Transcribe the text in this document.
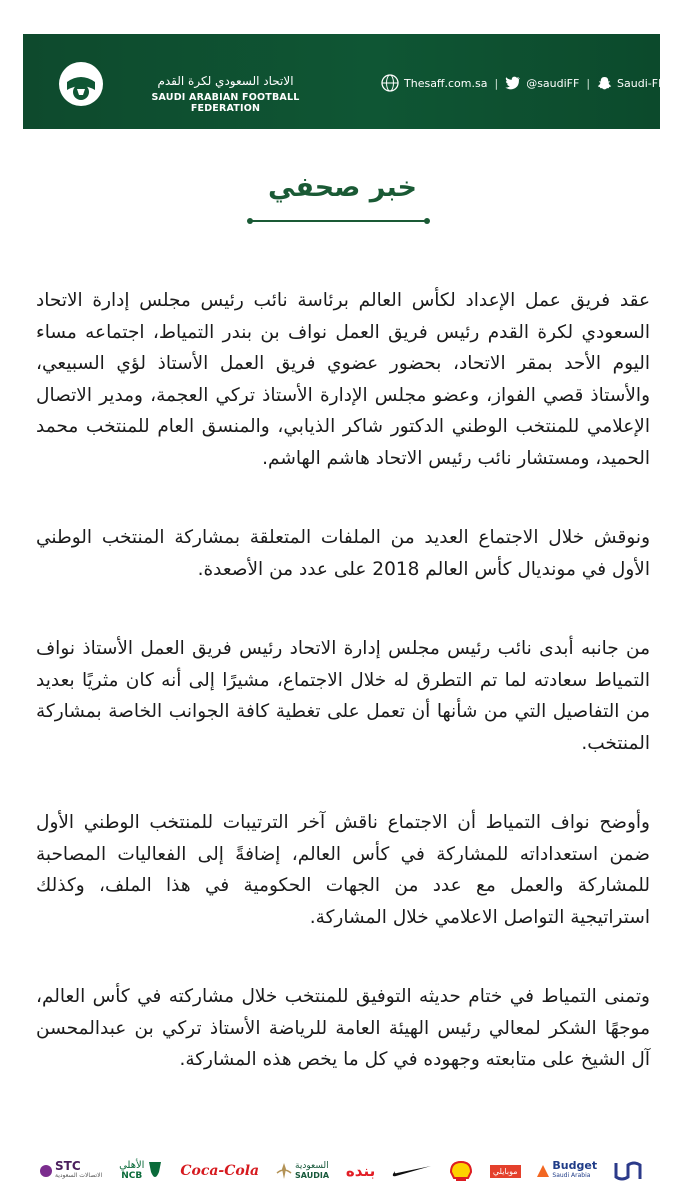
الاتحاد السعودي لكرة القدم
SAUDI ARABIAN FOOTBALL FEDERATION
Thesaff.com.sa |	@saudiFF | Saudi-FF
خبر صحفي

عقد فريق عمل الإعداد لكأس العالم برئاسة نائب رئيس مجلس إدارة الاتحاد السعودي لكرة القدم رئيس فريق العمل نواف بن بندر التمياط، اجتماعه مساء اليوم الأحد بمقر الاتحاد، بحضور عضوي فريق العمل الأستاذ لؤي السبيعي، والأستاذ قصي الفواز، وعضو مجلس الإدارة الأستاذ تركي العجمة، ومدير الاتصال الإعلامي للمنتخب الوطني الدكتور شاكر الذيابي، والمنسق العام للمنتخب محمد الحميد، ومستشار نائب رئيس الاتحاد هاشم الهاشم.

ونوقش خلال الاجتماع العديد من الملفات المتعلقة بمشاركة المنتخب الوطني الأول في مونديال كأس العالم 2018 على عدد من الأصعدة.

من جانبه أبدى نائب رئيس مجلس إدارة الاتحاد رئيس فريق العمل الأستاذ نواف التمياط سعادته لما تم التطرق له خلال الاجتماع، مشيرًا إلى أنه كان مثريًا بعديد من التفاصيل التي من شأنها أن تعمل على تغطية كافة الجوانب الخاصة بمشاركة المنتخب.

وأوضح نواف التمياط أن الاجتماع ناقش آخر الترتيبات للمنتخب الوطني الأول ضمن استعداداته للمشاركة في كأس العالم، إضافةً إلى الفعاليات المصاحبة للمشاركة والعمل مع عدد من الجهات الحكومية في هذا الملف، وكذلك استراتيجية التواصل الاعلامي خلال المشاركة.

وتمنى التمياط في ختام حديثه التوفيق للمنتخب خلال مشاركته في كأس العالم، موجهًا الشكر لمعالي رئيس الهيئة العامة للرياضة الأستاذ تركي بن عبدالمحسن آل الشيخ على متابعته وجهوده في كل ما يخص هذه المشاركة.

STC
الاتصالات السعودية
الأهلي
NCB	Coca-Cola	السعودية
SAUDIA بنده	موبايلي	Budget
Saudi Arabia
